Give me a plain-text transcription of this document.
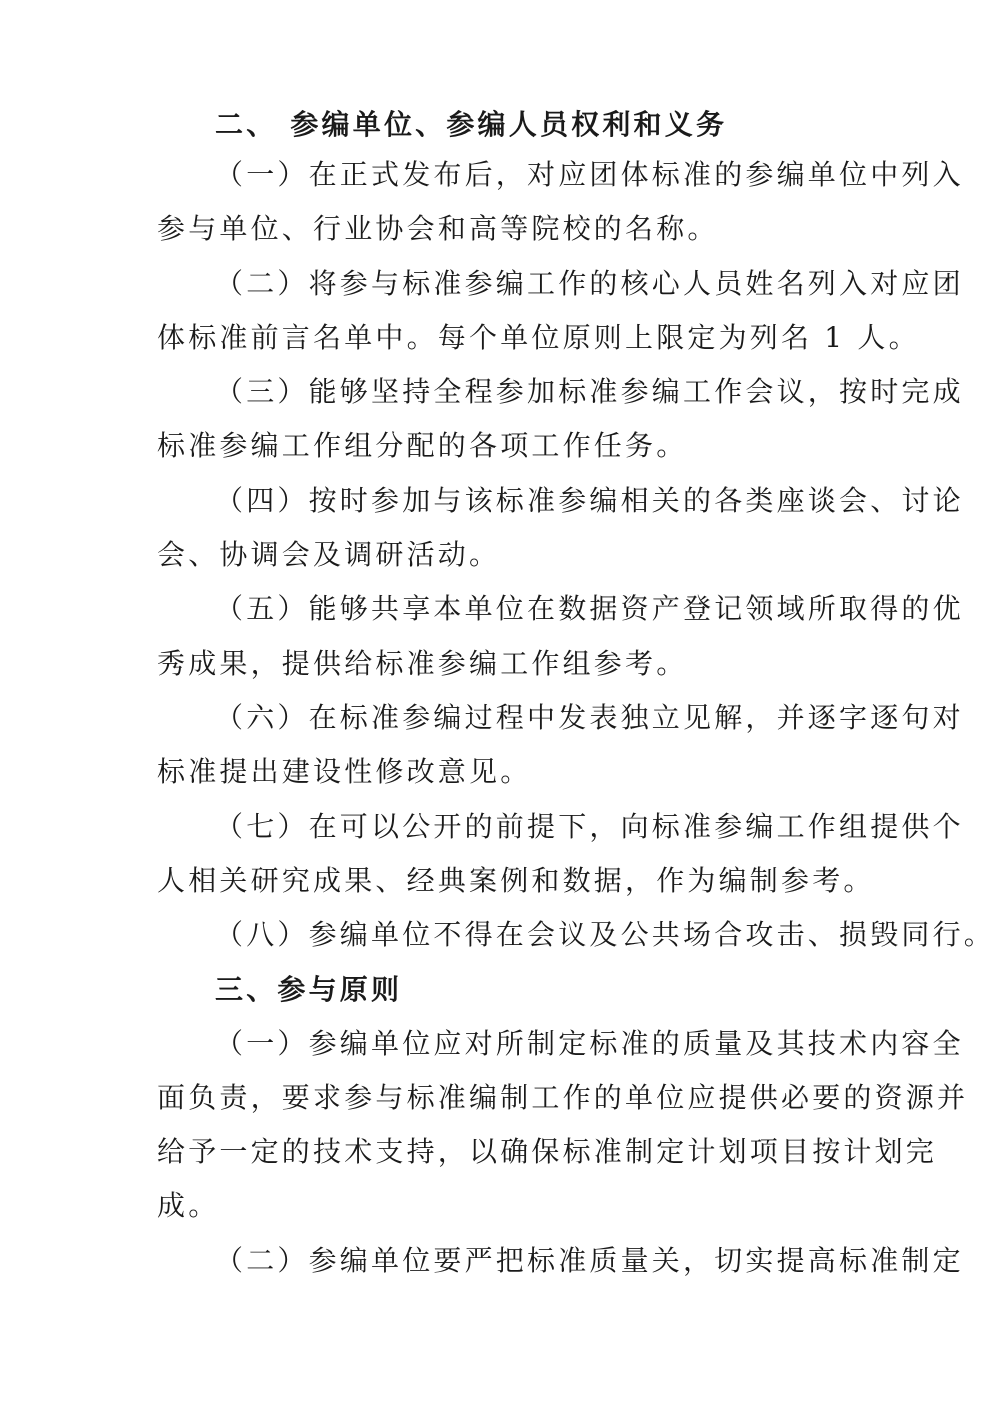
二、 参编单位、参编人员权利和义务
（一）在正式发布后，对应团体标准的参编单位中列入
参与单位、行业协会和高等院校的名称。
（二）将参与标准参编工作的核心人员姓名列入对应团
体标准前言名单中。每个单位原则上限定为列名 1 人。
（三）能够坚持全程参加标准参编工作会议，按时完成
标准参编工作组分配的各项工作任务。
（四）按时参加与该标准参编相关的各类座谈会、讨论
会、协调会及调研活动。
（五）能够共享本单位在数据资产登记领域所取得的优
秀成果，提供给标准参编工作组参考。
（六）在标准参编过程中发表独立见解，并逐字逐句对
标准提出建设性修改意见。
（七）在可以公开的前提下，向标准参编工作组提供个
人相关研究成果、经典案例和数据，作为编制参考。
（八）参编单位不得在会议及公共场合攻击、损毁同行。
三、参与原则
（一）参编单位应对所制定标准的质量及其技术内容全
面负责，要求参与标准编制工作的单位应提供必要的资源并
给予一定的技术支持，以确保标准制定计划项目按计划完
成。
（二）参编单位要严把标准质量关，切实提高标准制定
